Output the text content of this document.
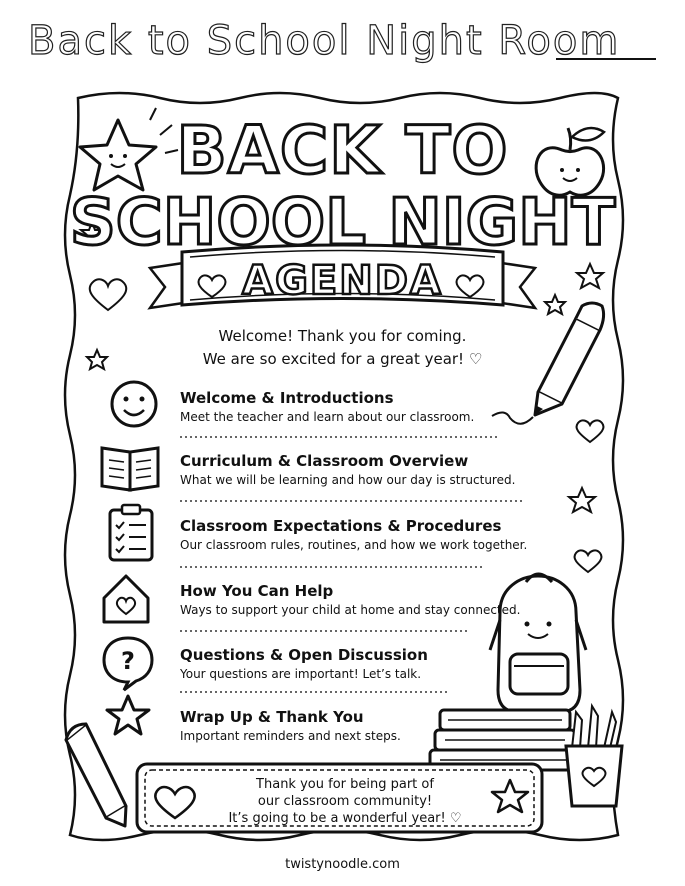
Back to School Night Room
?
BACK TO
SCHOOL NIGHT
AGENDA
Welcome! Thank you for coming.
We are so excited for a great year! ♡
Welcome & Introductions
Meet the teacher and learn about our classroom.
Curriculum & Classroom Overview
What we will be learning and how our day is structured.
Classroom Expectations & Procedures
Our classroom rules, routines, and how we work together.
How You Can Help
Ways to support your child at home and stay connected.
Questions & Open Discussion
Your questions are important! Let’s talk.
Wrap Up & Thank You
Important reminders and next steps.
Thank you for being part of
our classroom community!
It’s going to be a wonderful year! ♡
twistynoodle.com
